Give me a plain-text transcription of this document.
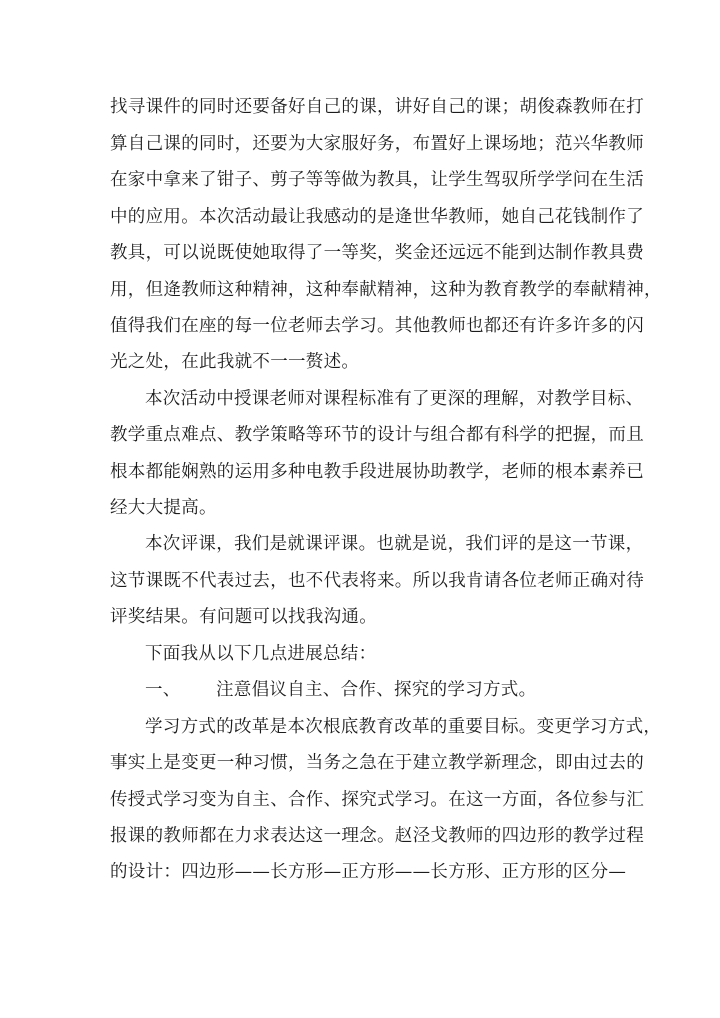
找寻课件的同时还要备好自己的课，讲好自己的课；胡俊森教师在打
算自己课的同时，还要为大家服好务，布置好上课场地；范兴华教师
在家中拿来了钳子、剪子等等做为教具，让学生驾驭所学学问在生活
中的应用。本次活动最让我感动的是逄世华教师，她自己花钱制作了
教具，可以说既使她取得了一等奖，奖金还远远不能到达制作教具费
用，但逄教师这种精神，这种奉献精神，这种为教育教学的奉献精神，
值得我们在座的每一位老师去学习。其他教师也都还有许多许多的闪
光之处，在此我就不一一赘述。
本次活动中授课老师对课程标准有了更深的理解，对教学目标、
教学重点难点、教学策略等环节的设计与组合都有科学的把握，而且
根本都能娴熟的运用多种电教手段进展协助教学，老师的根本素养已
经大大提高。
本次评课，我们是就课评课。也就是说，我们评的是这一节课，
这节课既不代表过去，也不代表将来。所以我肯请各位老师正确对待
评奖结果。有问题可以找我沟通。
下面我从以下几点进展总结：
一、 注意倡议自主、合作、探究的学习方式。
学习方式的改革是本次根底教育改革的重要目标。变更学习方式，
事实上是变更一种习惯，当务之急在于建立教学新理念，即由过去的
传授式学习变为自主、合作、探究式学习。在这一方面，各位参与汇
报课的教师都在力求表达这一理念。赵泾戈教师的四边形的教学过程
的设计：四边形——长方形—正方形——长方形、正方形的区分—
